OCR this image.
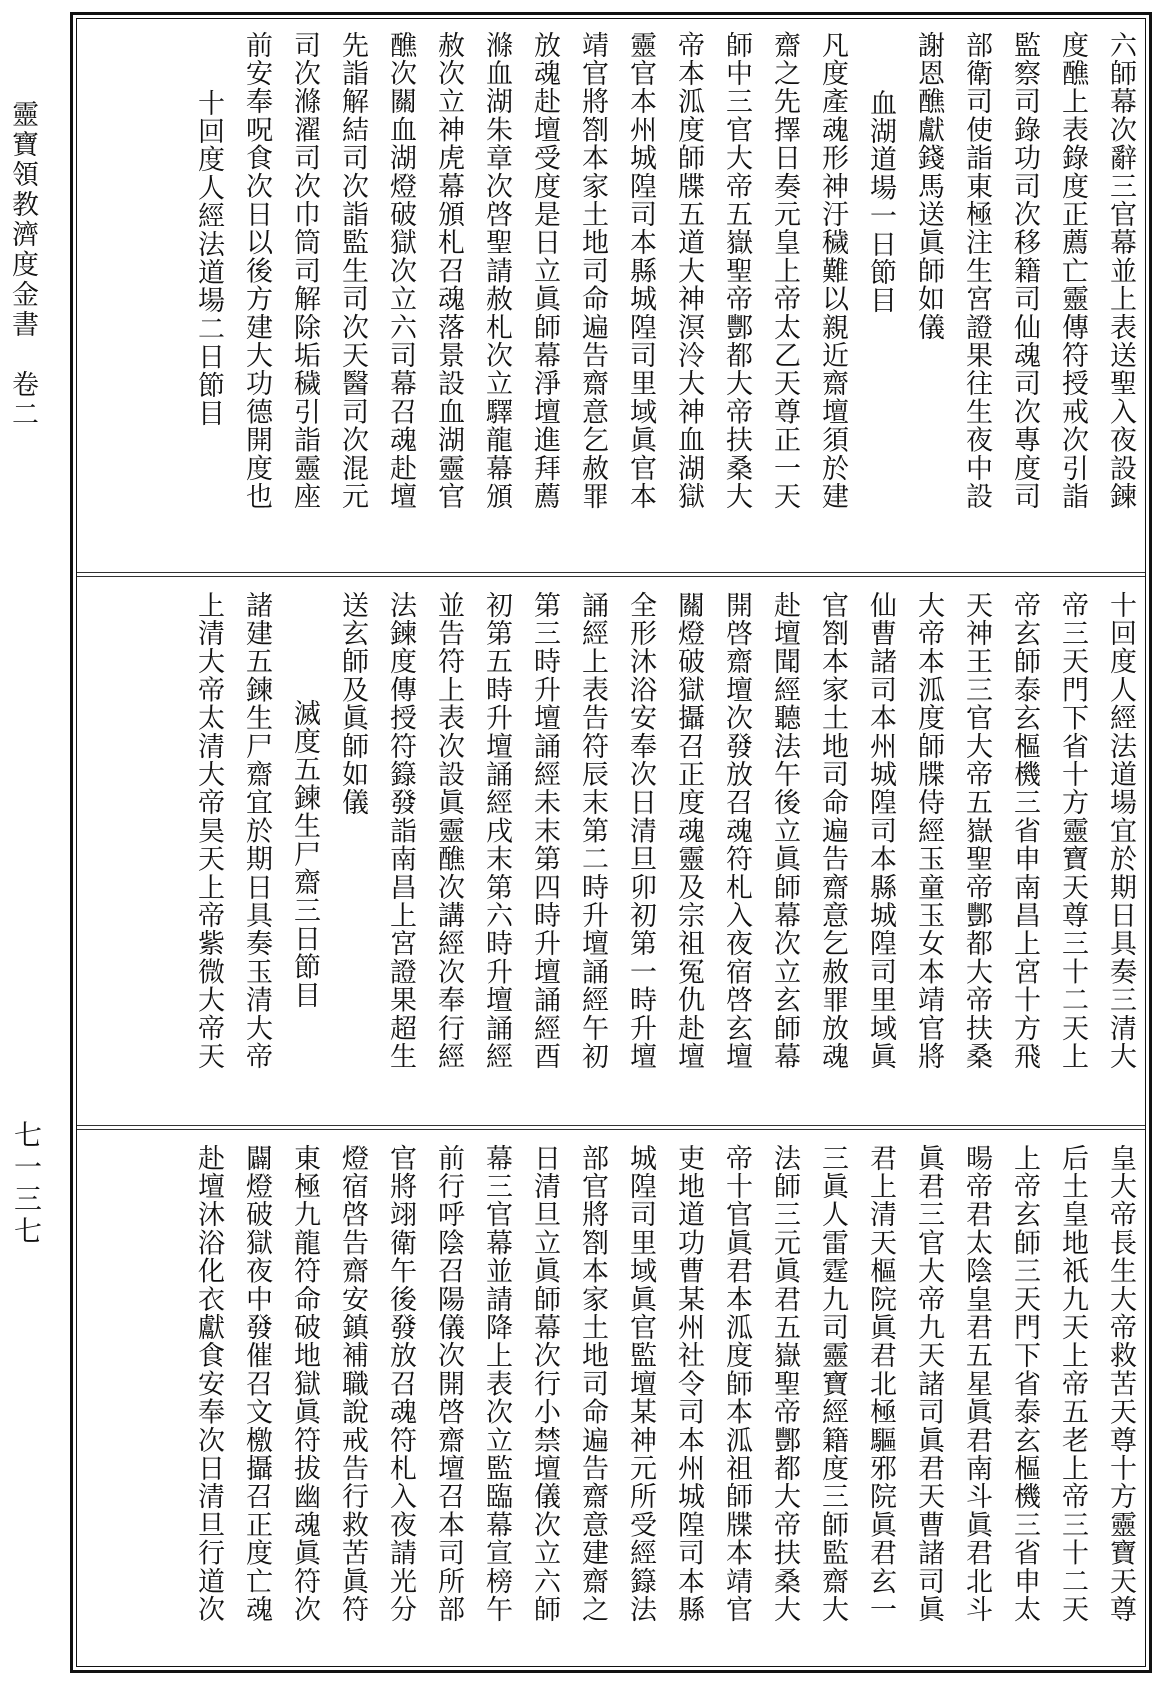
靈寶領教濟度金書　卷二
七一三七
六師幕次辭三官幕並上表送聖入夜設鍊
度醮上表錄度正薦亡靈傳符授戒次引詣
監察司錄功司次移籍司仙魂司次專度司
部衛司使詣東極注生宮證果往生夜中設
謝恩醮獻錢馬送眞師如儀
血湖道場一日節目
凡度產魂形神汙穢難以親近齋壇須於建
齋之先擇日奏元皇上帝太乙天尊正一天
師中三官大帝五嶽聖帝酆都大帝扶桑大
帝本泒度師牒五道大神溟泠大神血湖獄
靈官本州城隍司本縣城隍司里域眞官本
靖官將劄本家土地司命遍告齋意乞赦罪
放魂赴壇受度是日立眞師幕淨壇進拜薦
滌血湖朱章次啓聖請赦札次立驛龍幕頒
赦次立神虎幕頒札召魂落景設血湖靈官
醮次關血湖燈破獄次立六司幕召魂赴壇
先詣解結司次詣監生司次天醫司次混元
司次滌濯司次巾筒司解除垢穢引詣靈座
前安奉呪食次日以後方建大功德開度也
十回度人經法道場二日節目
十回度人經法道場宜於期日具奏三清大
帝三天門下省十方靈寶天尊三十二天上
帝玄師泰玄樞機三省申南昌上宮十方飛
天神王三官大帝五嶽聖帝酆都大帝扶桑
大帝本泒度師牒侍經玉童玉女本靖官將
仙曹諸司本州城隍司本縣城隍司里域眞
官劄本家土地司命遍告齋意乞赦罪放魂
赴壇聞經聽法午後立眞師幕次立玄師幕
開啓齋壇次發放召魂符札入夜宿啓玄壇
關燈破獄攝召正度魂靈及宗祖冤仇赴壇
全形沐浴安奉次日清旦卯初第一時升壇
誦經上表告符辰末第二時升壇誦經午初
第三時升壇誦經未末第四時升壇誦經酉
初第五時升壇誦經戌末第六時升壇誦經
並告符上表次設眞靈醮次講經次奉行經
法鍊度傳授符籙發詣南昌上宮證果超生
送玄師及眞師如儀
滅度五鍊生尸齋三日節目
諸建五鍊生尸齋宜於期日具奏玉清大帝
上清大帝太清大帝昊天上帝紫微大帝天
皇大帝長生大帝救苦天尊十方靈寶天尊
后土皇地祇九天上帝五老上帝三十二天
上帝玄師三天門下省泰玄樞機三省申太
暘帝君太陰皇君五星眞君南斗眞君北斗
眞君三官大帝九天諸司眞君天曹諸司眞
君上清天樞院眞君北極驅邪院眞君玄一
三眞人雷霆九司靈寶經籍度三師監齋大
法師三元眞君五嶽聖帝酆都大帝扶桑大
帝十官眞君本泒度師本泒祖師牒本靖官
吏地道功曹某州社令司本州城隍司本縣
城隍司里域眞官監壇某神元所受經籙法
部官將劄本家土地司命遍告齋意建齋之
日清旦立眞師幕次行小禁壇儀次立六師
幕三官幕並請降上表次立監臨幕宣榜午
前行呼陰召陽儀次開啓齋壇召本司所部
官將翊衛午後發放召魂符札入夜請光分
燈宿啓告齋安鎮補職說戒告行救苦眞符
東極九龍符命破地獄眞符拔幽魂眞符次
闢燈破獄夜中發催召文檄攝召正度亡魂
赴壇沐浴化衣獻食安奉次日清旦行道次
